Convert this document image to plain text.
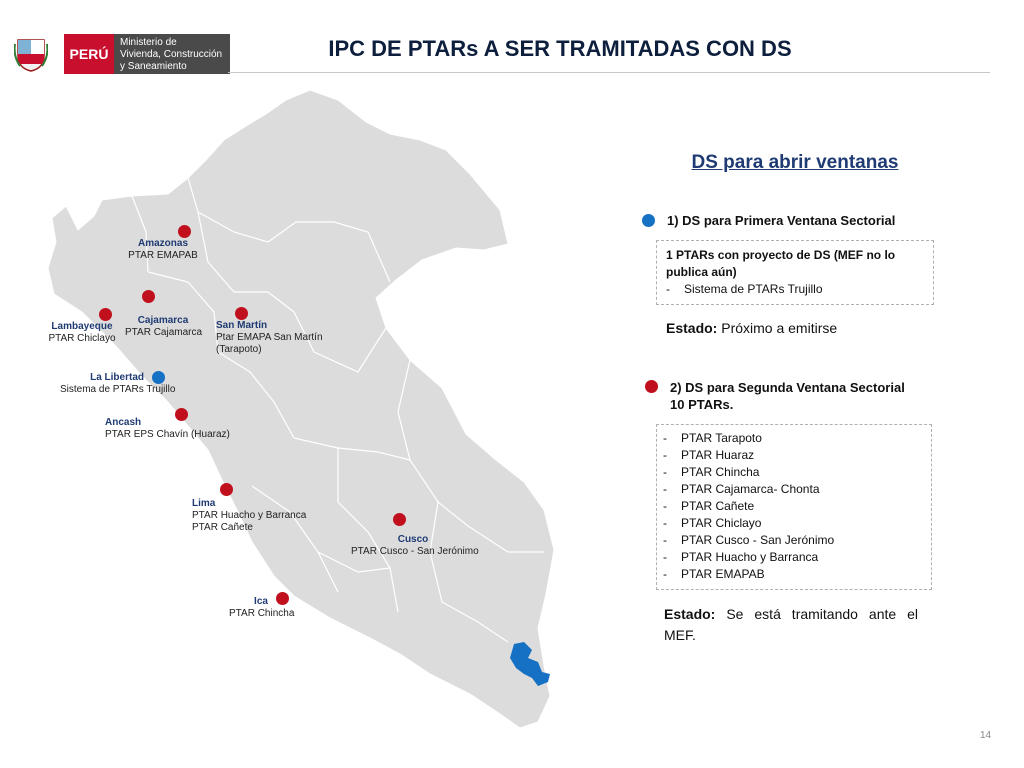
PERÚ
Ministerio de
Vivienda, Construcción
y Saneamiento
IPC DE PTARs A SER TRAMITADAS CON DS
Amazonas
PTAR EMAPAB
Lambayeque
PTAR Chiclayo
Cajamarca
PTAR Cajamarca
San Martín
Ptar EMAPA San Martín
(Tarapoto)
La Libertad
Sistema de PTARs Trujillo
Ancash
PTAR EPS Chavín (Huaraz)
Lima
PTAR Huacho y Barranca
PTAR Cañete
Cusco
PTAR Cusco - San Jerónimo
Ica
PTAR Chincha
DS para abrir ventanas
1) DS para Primera Ventana Sectorial
1 PTARs con proyecto de DS (MEF no lo
publica aún)
- Sistema de PTARs Trujillo
Estado: Próximo a emitirse
2) DS para Segunda Ventana Sectorial
10 PTARs.
- PTAR Tarapoto
- PTAR Huaraz
- PTAR Chincha
- PTAR Cajamarca- Chonta
- PTAR Cañete
- PTAR Chiclayo
- PTAR Cusco - San Jerónimo
- PTAR Huacho y Barranca
- PTAR EMAPAB
Estado: Se está tramitando ante el MEF.
14
